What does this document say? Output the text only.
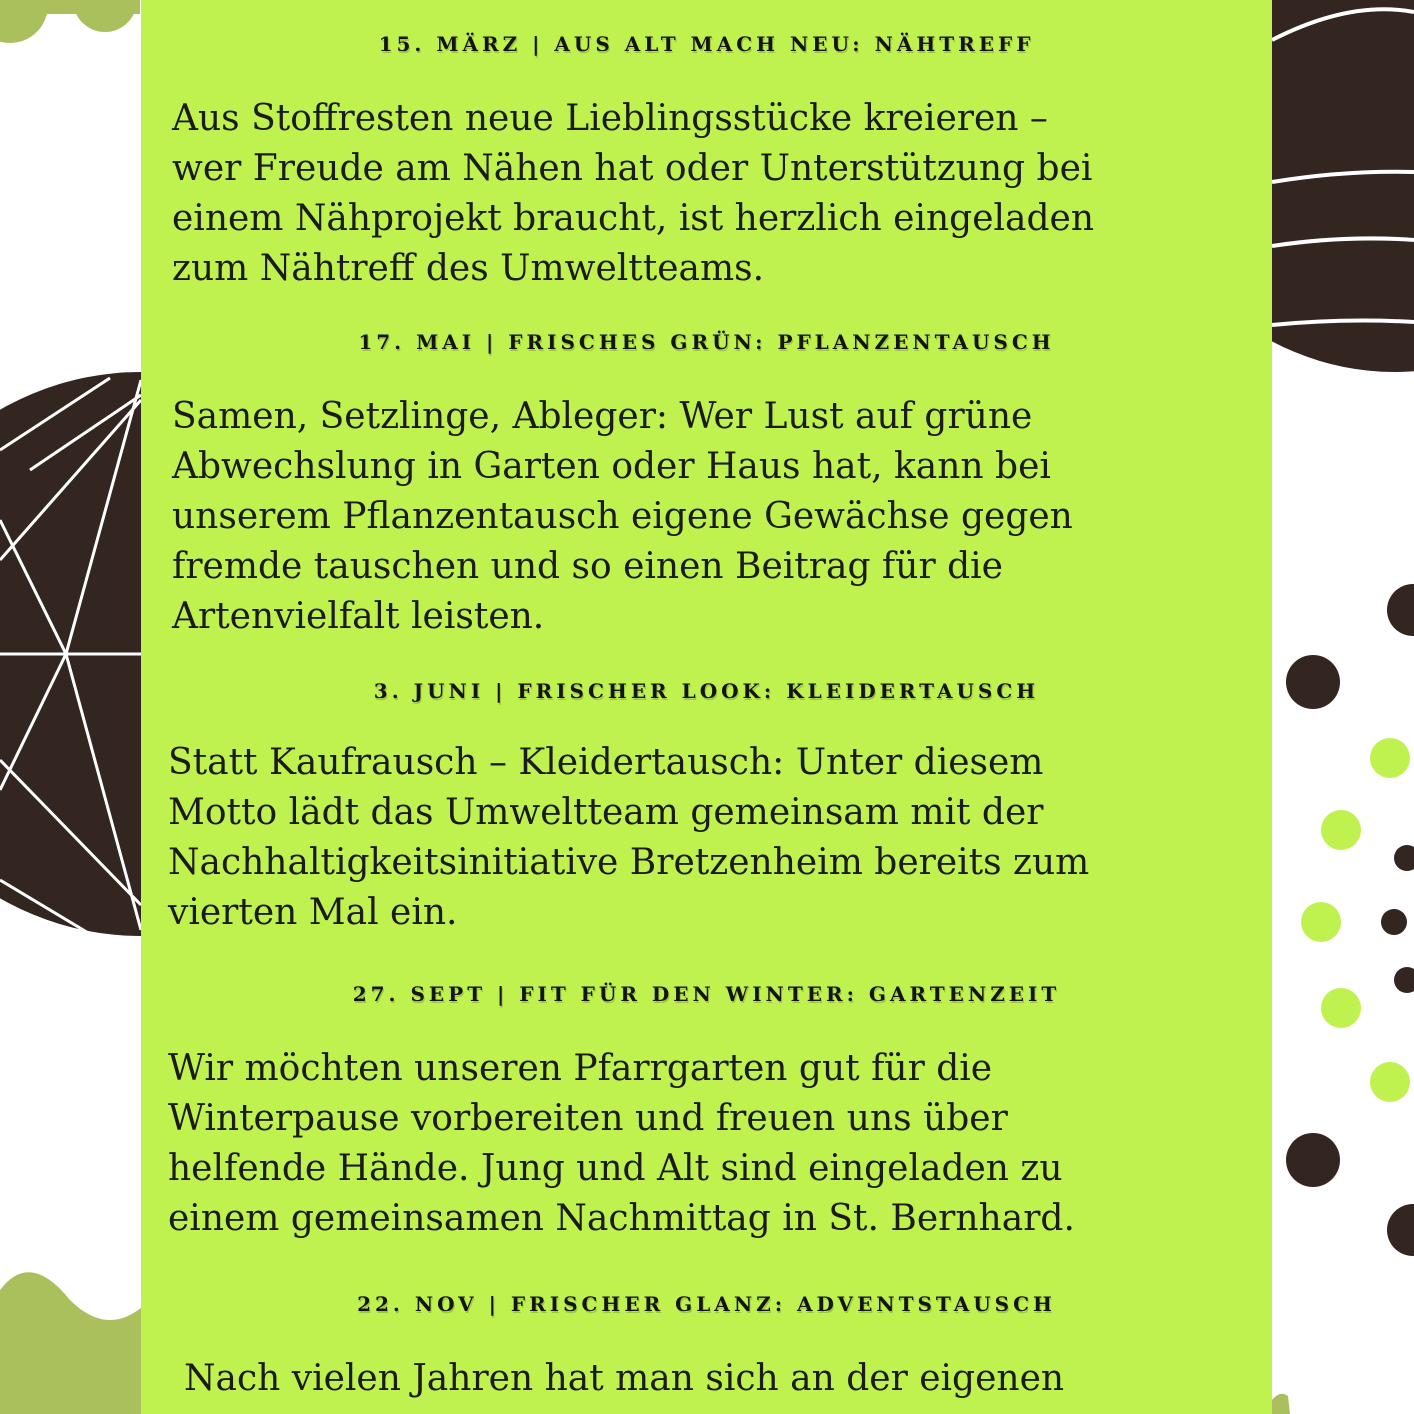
15. MÄRZ | AUS ALT MACH NEU: NÄHTREFF
Aus Stoffresten neue Lieblingsstücke kreieren –
wer Freude am Nähen hat oder Unterstützung bei
einem Nähprojekt braucht, ist herzlich eingeladen
zum Nähtreff des Umweltteams.
17. MAI | FRISCHES GRÜN: PFLANZENTAUSCH
Samen, Setzlinge, Ableger: Wer Lust auf grüne
Abwechslung in Garten oder Haus hat, kann bei
unserem Pflanzentausch eigene Gewächse gegen
fremde tauschen und so einen Beitrag für die
Artenvielfalt leisten.
3. JUNI | FRISCHER LOOK: KLEIDERTAUSCH
Statt Kaufrausch – Kleidertausch: Unter diesem
Motto lädt das Umweltteam gemeinsam mit der
Nachhaltigkeitsinitiative Bretzenheim bereits zum
vierten Mal ein.
27. SEPT | FIT FÜR DEN WINTER: GARTENZEIT
Wir möchten unseren Pfarrgarten gut für die
Winterpause vorbereiten und freuen uns über
helfende Hände. Jung und Alt sind eingeladen zu
einem gemeinsamen Nachmittag in St. Bernhard.
22. NOV | FRISCHER GLANZ: ADVENTSTAUSCH
Nach vielen Jahren hat man sich an der eigenen
